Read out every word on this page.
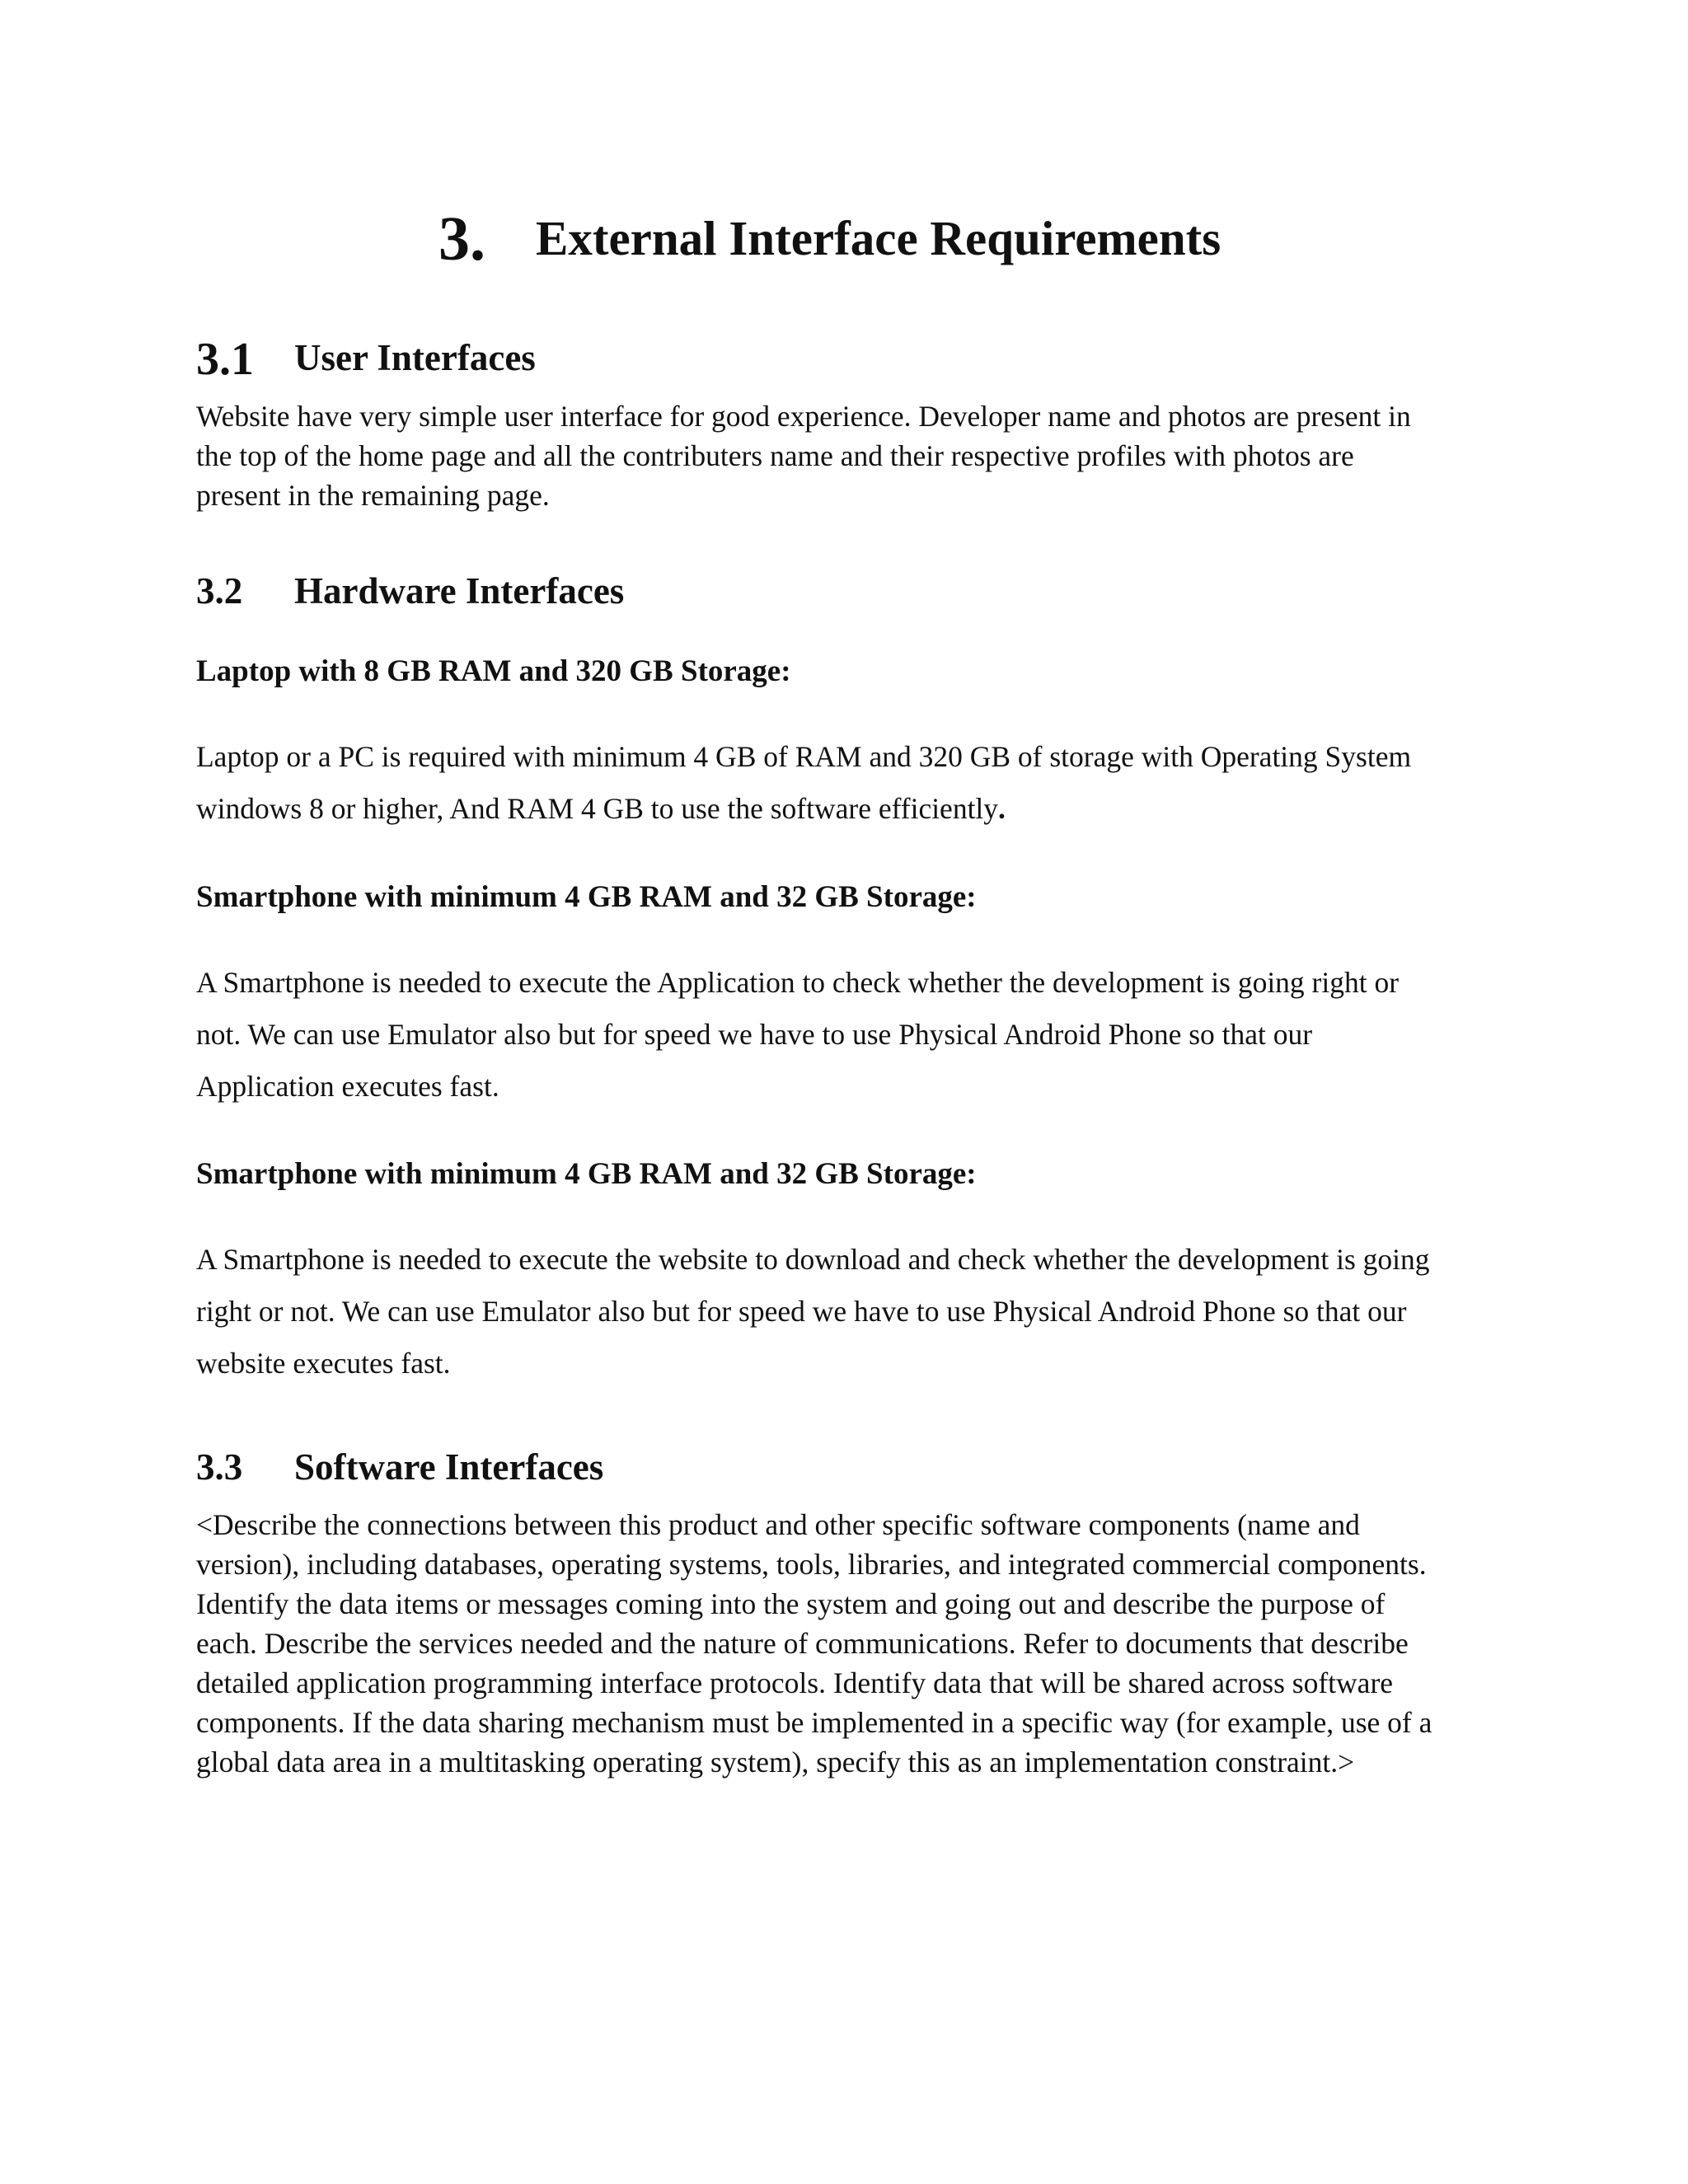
3. External Interface Requirements
3.1 User Interfaces
Website have very simple user interface for good experience. Developer name and photos are present in
the top of the home page and all the contributers name and their respective profiles with photos are
present in the remaining page.
3.2 Hardware Interfaces
Laptop with 8 GB RAM and 320 GB Storage:
Laptop or a PC is required with minimum 4 GB of RAM and 320 GB of storage with Operating System
windows 8 or higher, And RAM 4 GB to use the software efficiently.
Smartphone with minimum 4 GB RAM and 32 GB Storage:
A Smartphone is needed to execute the Application to check whether the development is going right or
not. We can use Emulator also but for speed we have to use Physical Android Phone so that our
Application executes fast.
Smartphone with minimum 4 GB RAM and 32 GB Storage:
A Smartphone is needed to execute the website to download and check whether the development is going
right or not. We can use Emulator also but for speed we have to use Physical Android Phone so that our
website executes fast.
3.3 Software Interfaces
<Describe the connections between this product and other specific software components (name and
version), including databases, operating systems, tools, libraries, and integrated commercial components.
Identify the data items or messages coming into the system and going out and describe the purpose of
each. Describe the services needed and the nature of communications. Refer to documents that describe
detailed application programming interface protocols. Identify data that will be shared across software
components. If the data sharing mechanism must be implemented in a specific way (for example, use of a
global data area in a multitasking operating system), specify this as an implementation constraint.>
